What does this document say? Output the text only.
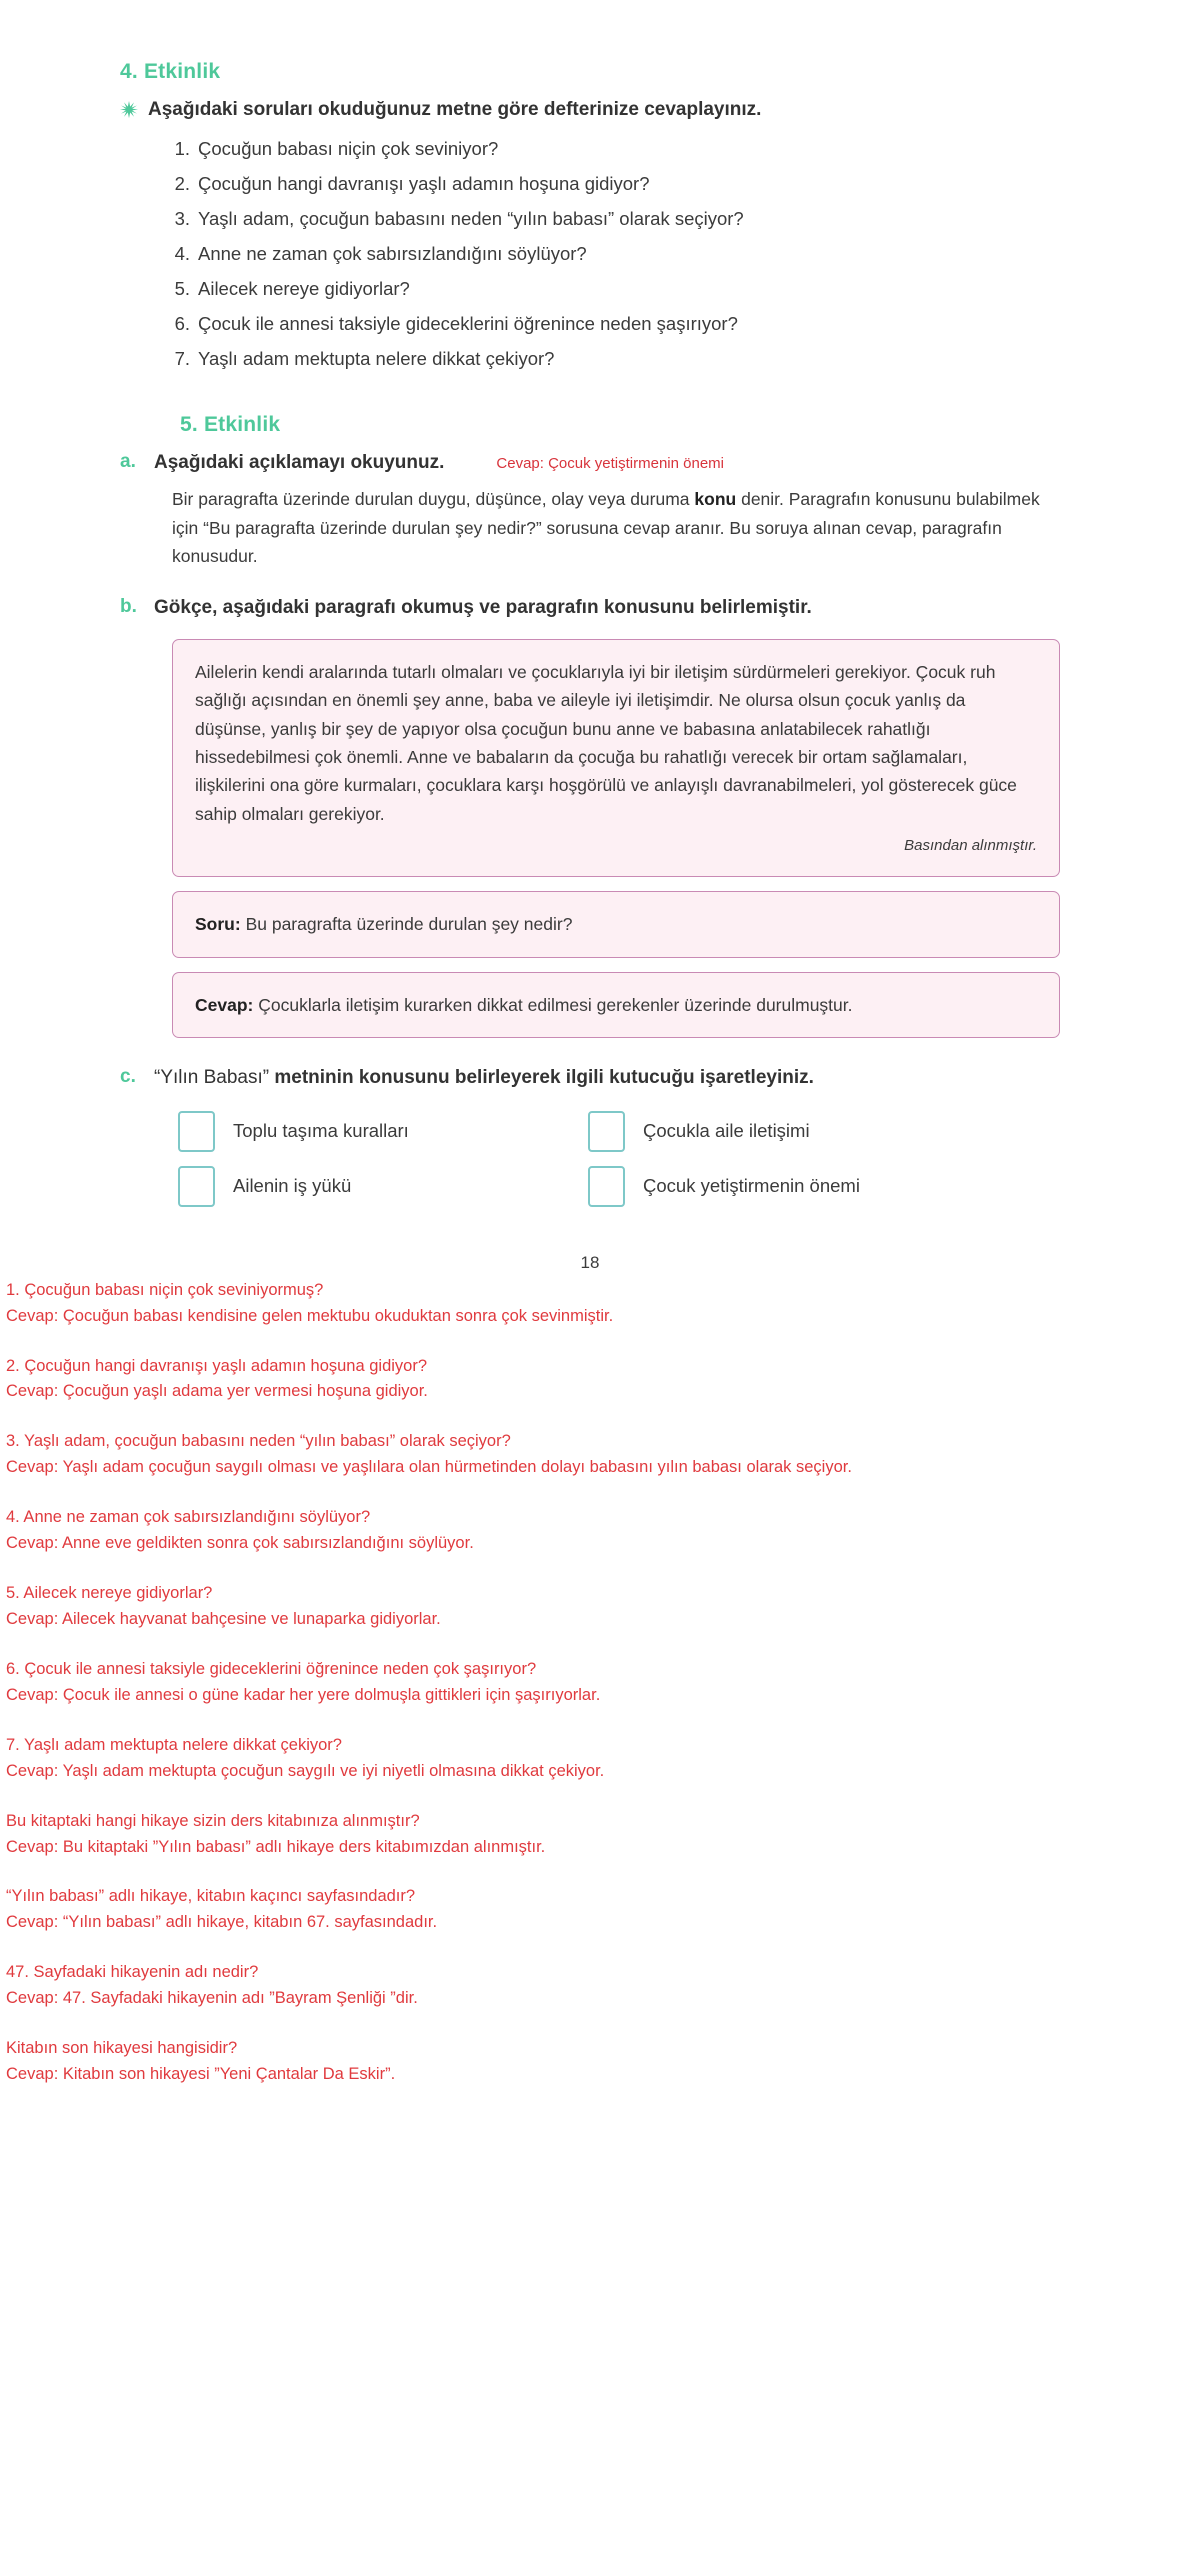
4. Etkinlik
Aşağıdaki soruları okuduğunuz metne göre defterinize cevaplayınız.
Çocuğun babası niçin çok seviniyor?
Çocuğun hangi davranışı yaşlı adamın hoşuna gidiyor?
Yaşlı adam, çocuğun babasını neden “yılın babası” olarak seçiyor?
Anne ne zaman çok sabırsızlandığını söylüyor?
Ailecek nereye gidiyorlar?
Çocuk ile annesi taksiyle gideceklerini öğrenince neden şaşırıyor?
Yaşlı adam mektupta nelere dikkat çekiyor?
5. Etkinlik
a. Aşağıdaki açıklamayı okuyunuz.	Cevap: Çocuk yetiştirmenin önemi

Bir paragrafta üzerinde durulan duygu, düşünce, olay veya duruma konu denir. Paragrafın konusunu bulabilmek için “Bu paragrafta üzerinde durulan şey nedir?” sorusuna cevap aranır. Bu soruya alınan cevap, paragrafın konusudur.

b. Gökçe, aşağıdaki paragrafı okumuş ve paragrafın konusunu belirlemiştir.
Ailelerin kendi aralarında tutarlı olmaları ve çocuklarıyla iyi bir iletişim sürdürmeleri gerekiyor. Çocuk ruh sağlığı açısından en önemli şey anne, baba ve aileyle iyi iletişimdir. Ne olursa olsun çocuk yanlış da düşünse, yanlış bir şey de yapıyor olsa çocuğun bunu anne ve babasına anlatabilecek rahatlığı hissedebilmesi çok önemli. Anne ve babaların da çocuğa bu rahatlığı verecek bir ortam sağlamaları, ilişkilerini ona göre kurmaları, çocuklara karşı hoşgörülü ve anlayışlı davranabilmeleri, yol gösterecek güce sahip olmaları gerekiyor.
Basından alınmıştır.
Soru: Bu paragrafta üzerinde durulan şey nedir?
Cevap: Çocuklarla iletişim kurarken dikkat edilmesi gerekenler üzerinde durulmuştur.
c. “Yılın Babası” metninin konusunu belirleyerek ilgili kutucuğu işaretleyiniz.
Toplu taşıma kuralları	Çocukla aile iletişimi
Ailenin iş yükü	Çocuk yetiştirmenin önemi
18

1. Çocuğun babası niçin çok seviniyormuş?

Cevap: Çocuğun babası kendisine gelen mektubu okuduktan sonra çok sevinmiştir.

2. Çocuğun hangi davranışı yaşlı adamın hoşuna gidiyor?

Cevap: Çocuğun yaşlı adama yer vermesi hoşuna gidiyor.

3. Yaşlı adam, çocuğun babasını neden “yılın babası” olarak seçiyor?

Cevap: Yaşlı adam çocuğun saygılı olması ve yaşlılara olan hürmetinden dolayı babasını yılın babası olarak seçiyor.

4. Anne ne zaman çok sabırsızlandığını söylüyor?

Cevap: Anne eve geldikten sonra çok sabırsızlandığını söylüyor.

5. Ailecek nereye gidiyorlar?

Cevap: Ailecek hayvanat bahçesine ve lunaparka gidiyorlar.

6. Çocuk ile annesi taksiyle gideceklerini öğrenince neden çok şaşırıyor?

Cevap: Çocuk ile annesi o güne kadar her yere dolmuşla gittikleri için şaşırıyorlar.

7. Yaşlı adam mektupta nelere dikkat çekiyor?

Cevap: Yaşlı adam mektupta çocuğun saygılı ve iyi niyetli olmasına dikkat çekiyor.

Bu kitaptaki hangi hikaye sizin ders kitabınıza alınmıştır?

Cevap: Bu kitaptaki ”Yılın babası” adlı hikaye ders kitabımızdan alınmıştır.

“Yılın babası” adlı hikaye, kitabın kaçıncı sayfasındadır?

Cevap: “Yılın babası” adlı hikaye, kitabın 67. sayfasındadır.

47. Sayfadaki hikayenin adı nedir?

Cevap: 47. Sayfadaki hikayenin adı ”Bayram Şenliği ”dir.

Kitabın son hikayesi hangisidir?

Cevap: Kitabın son hikayesi ”Yeni Çantalar Da Eskir”.
